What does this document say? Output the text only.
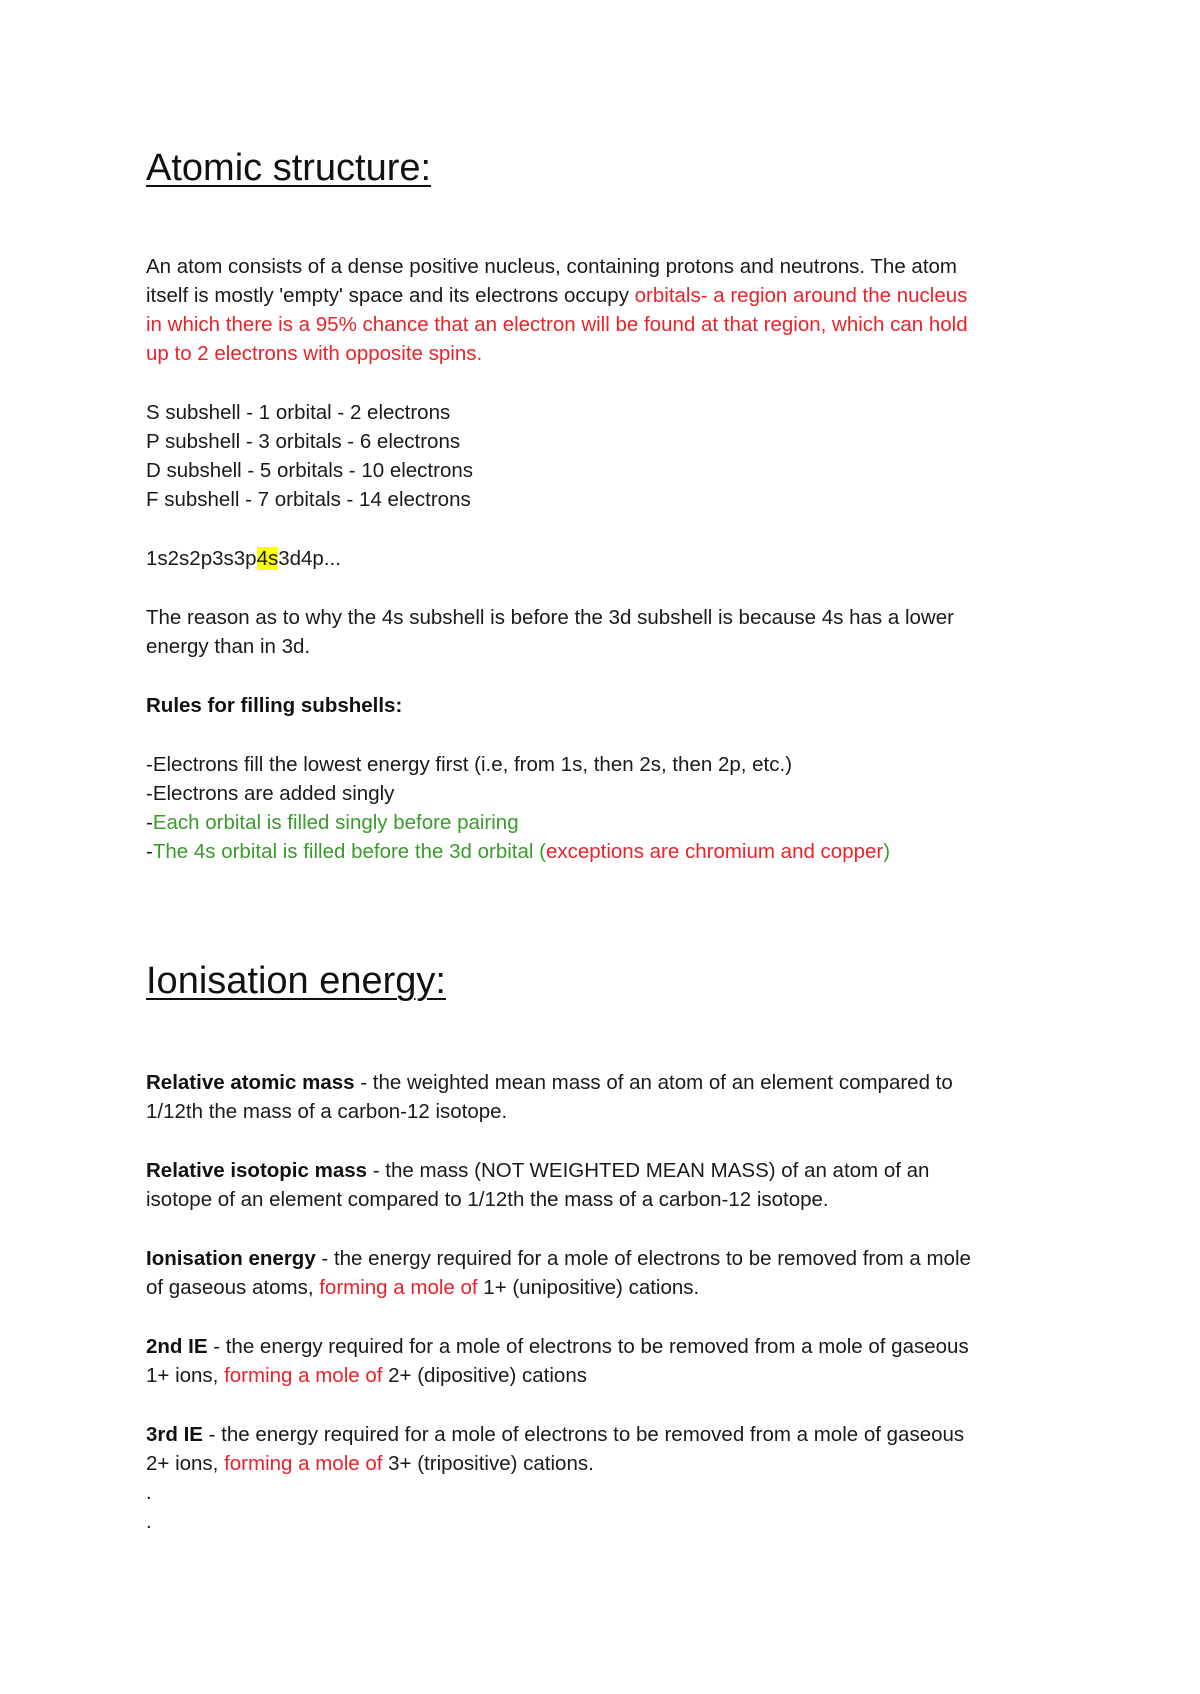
Atomic structure:
An atom consists of a dense positive nucleus, containing protons and neutrons. The atom
itself is mostly 'empty' space and its electrons occupy orbitals- a region around the nucleus
in which there is a 95% chance that an electron will be found at that region, which can hold
up to 2 electrons with opposite spins.
S subshell - 1 orbital - 2 electrons
P subshell - 3 orbitals - 6 electrons
D subshell - 5 orbitals - 10 electrons
F subshell - 7 orbitals - 14 electrons
1s2s2p3s3p4s3d4p...
The reason as to why the 4s subshell is before the 3d subshell is because 4s has a lower
energy than in 3d.
Rules for filling subshells:
-Electrons fill the lowest energy first (i.e, from 1s, then 2s, then 2p, etc.)
-Electrons are added singly
-Each orbital is filled singly before pairing
-The 4s orbital is filled before the 3d orbital (exceptions are chromium and copper)
Ionisation energy:
Relative atomic mass - the weighted mean mass of an atom of an element compared to
1/12th the mass of a carbon-12 isotope.
Relative isotopic mass - the mass (NOT WEIGHTED MEAN MASS) of an atom of an
isotope of an element compared to 1/12th the mass of a carbon-12 isotope.
Ionisation energy - the energy required for a mole of electrons to be removed from a mole
of gaseous atoms, forming a mole of 1+ (unipositive) cations.
2nd IE - the energy required for a mole of electrons to be removed from a mole of gaseous
1+ ions, forming a mole of 2+ (dipositive) cations
3rd IE - the energy required for a mole of electrons to be removed from a mole of gaseous
2+ ions, forming a mole of 3+ (tripositive) cations.
.
.
